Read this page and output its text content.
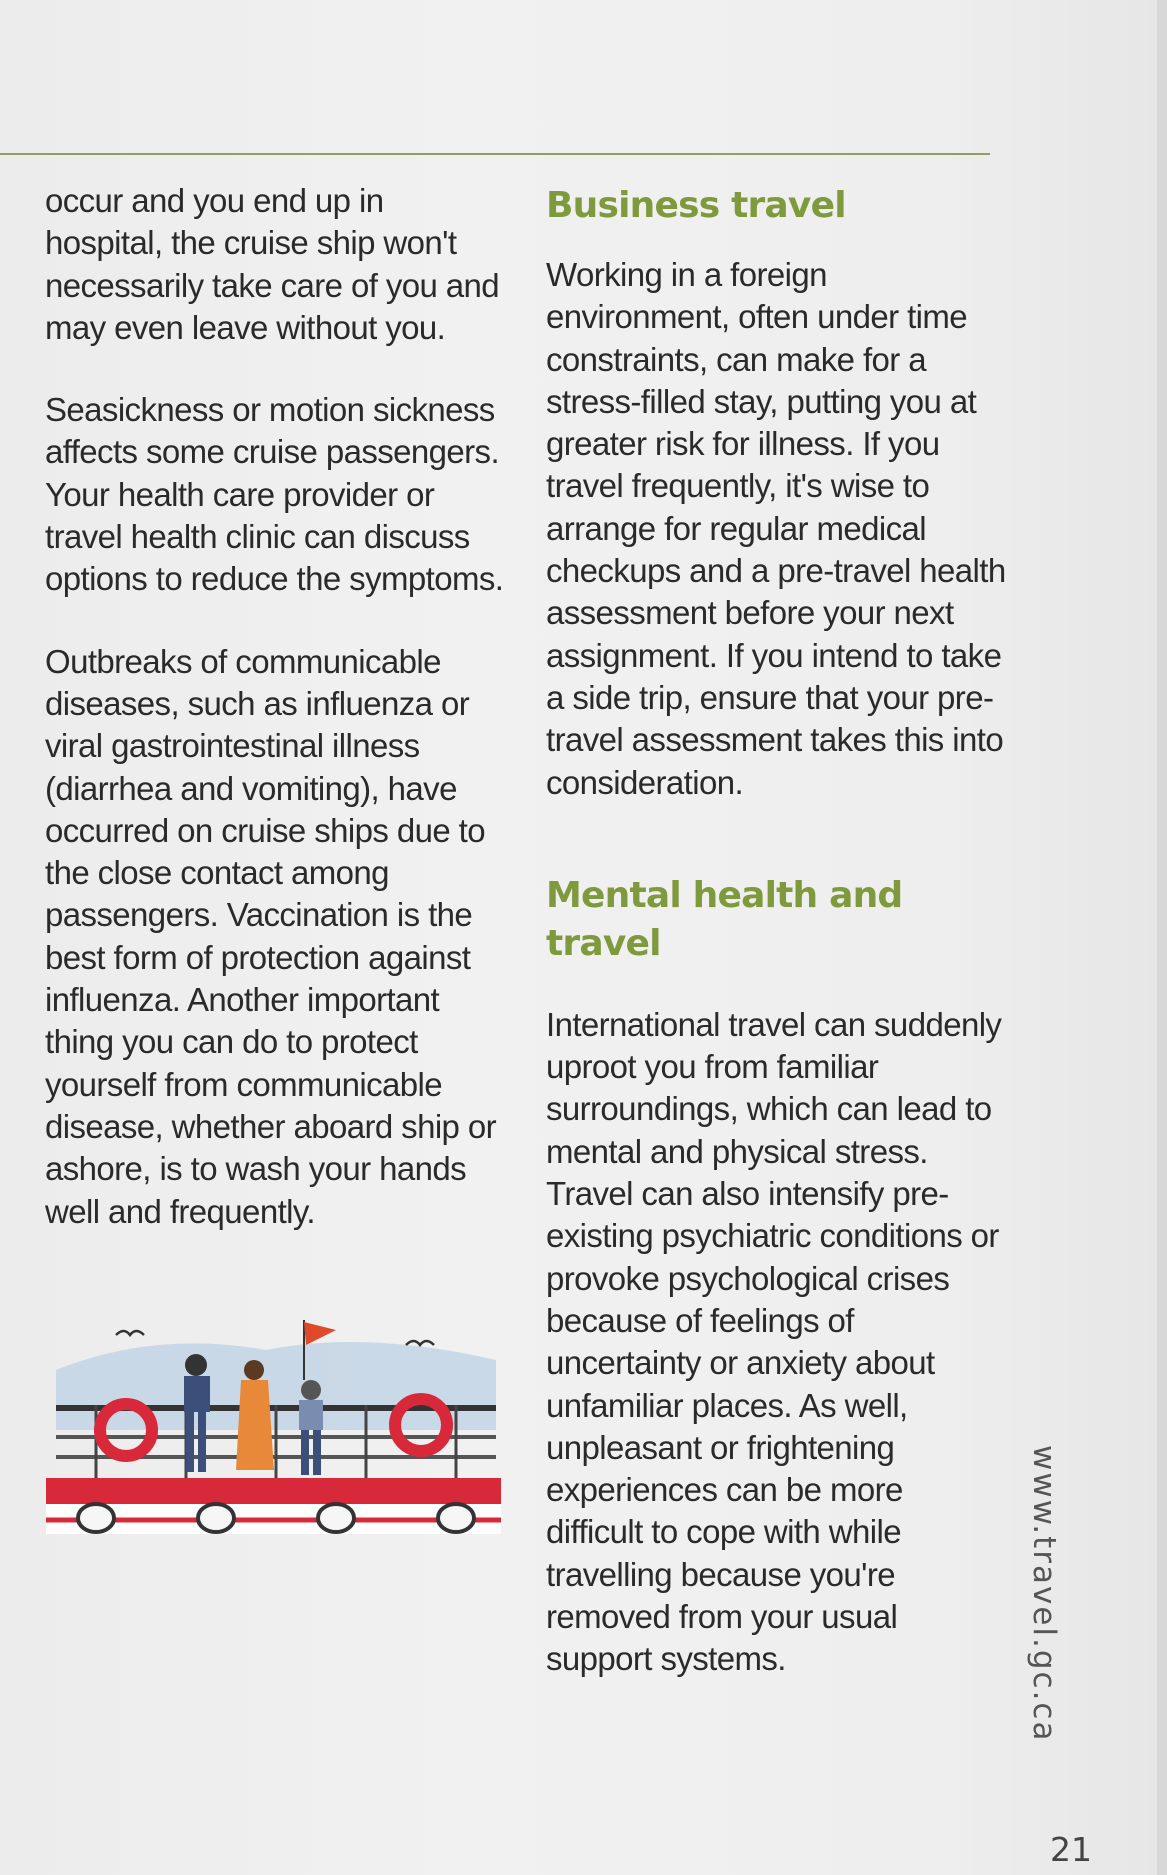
occur and you end up in hospital, the cruise ship won't necessarily take care of you and may even leave without you.

Seasickness or motion sickness affects some cruise passengers. Your health care provider or travel health clinic can discuss options to reduce the symptoms.

Outbreaks of communicable diseases, such as influenza or viral gastrointestinal illness (diarrhea and vomiting), have occurred on cruise ships due to the close contact among passengers. Vaccination is the best form of protection against influenza. Another important thing you can do to protect yourself from communicable disease, whether aboard ship or ashore, is to wash your hands well and frequently.

Business travel

Working in a foreign environment, often under time constraints, can make for a stress-filled stay, putting you at greater risk for illness. If you travel frequently, it's wise to arrange for regular medical checkups and a pre-travel health assessment before your next assignment. If you intend to take a side trip, ensure that your pre-travel assessment takes this into consideration.

Mental health and travel

International travel can suddenly uproot you from familiar surroundings, which can lead to mental and physical stress. Travel can also intensify pre-existing psychiatric conditions or provoke psychological crises because of feelings of uncertainty or anxiety about unfamiliar places. As well, unpleasant or frightening experiences can be more difficult to cope with while travelling because you're removed from your usual support systems.	www.travel.gc.ca
21
